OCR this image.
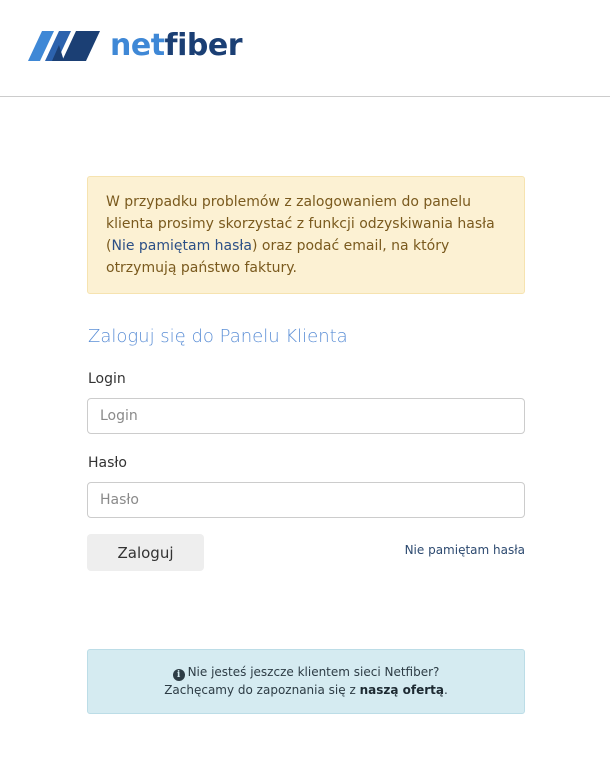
netfiber
W przypadku problemów z zalogowaniem do panelu klienta prosimy skorzystać z funkcji odzyskiwania hasła (Nie pamiętam hasła) oraz podać email, na który otrzymują państwo faktury.
Zaloguj się do Panelu Klienta
Login
Login
Hasło
Zaloguj	Nie pamiętam hasła
i Nie jesteś jeszcze klientem sieci Netfiber?
Zachęcamy do zapoznania się z naszą ofertą.
